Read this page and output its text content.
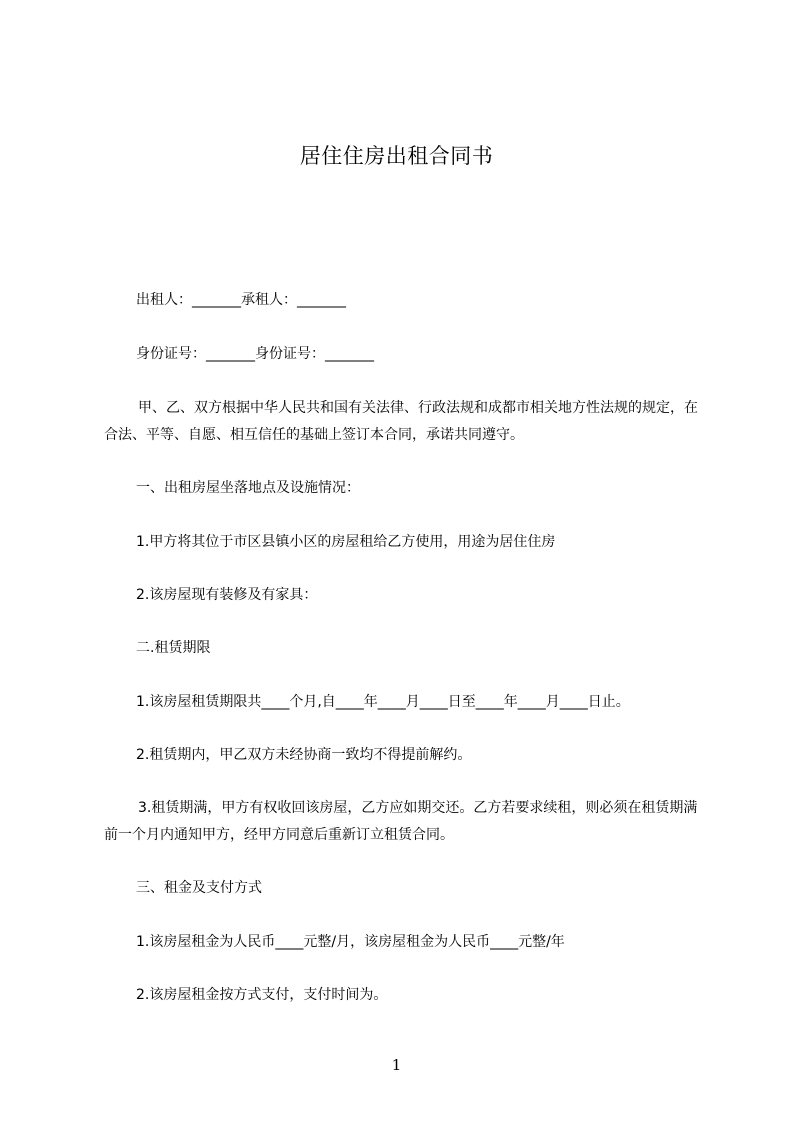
居住住房出租合同书
出租人：_______承租人：_______
身份证号：_______身份证号：_______
甲、乙、双方根据中华人民共和国有关法律、行政法规和成都市相关地方性法规的规定，在合法、平等、自愿、相互信任的基础上签订本合同，承诺共同遵守。
一、出租房屋坐落地点及设施情况：
1.甲方将其位于市区县镇小区的房屋租给乙方使用，用途为居住住房
2.该房屋现有装修及有家具：
二.租赁期限
1.该房屋租赁期限共____个月,自____年____月____日至____年____月____日止。
2.租赁期内，甲乙双方未经协商一致均不得提前解约。
3.租赁期满，甲方有权收回该房屋，乙方应如期交还。乙方若要求续租，则必须在租赁期满前一个月内通知甲方，经甲方同意后重新订立租赁合同。
三、租金及支付方式
1.该房屋租金为人民币____元整/月，该房屋租金为人民币____元整/年
2.该房屋租金按方式支付，支付时间为。
1
